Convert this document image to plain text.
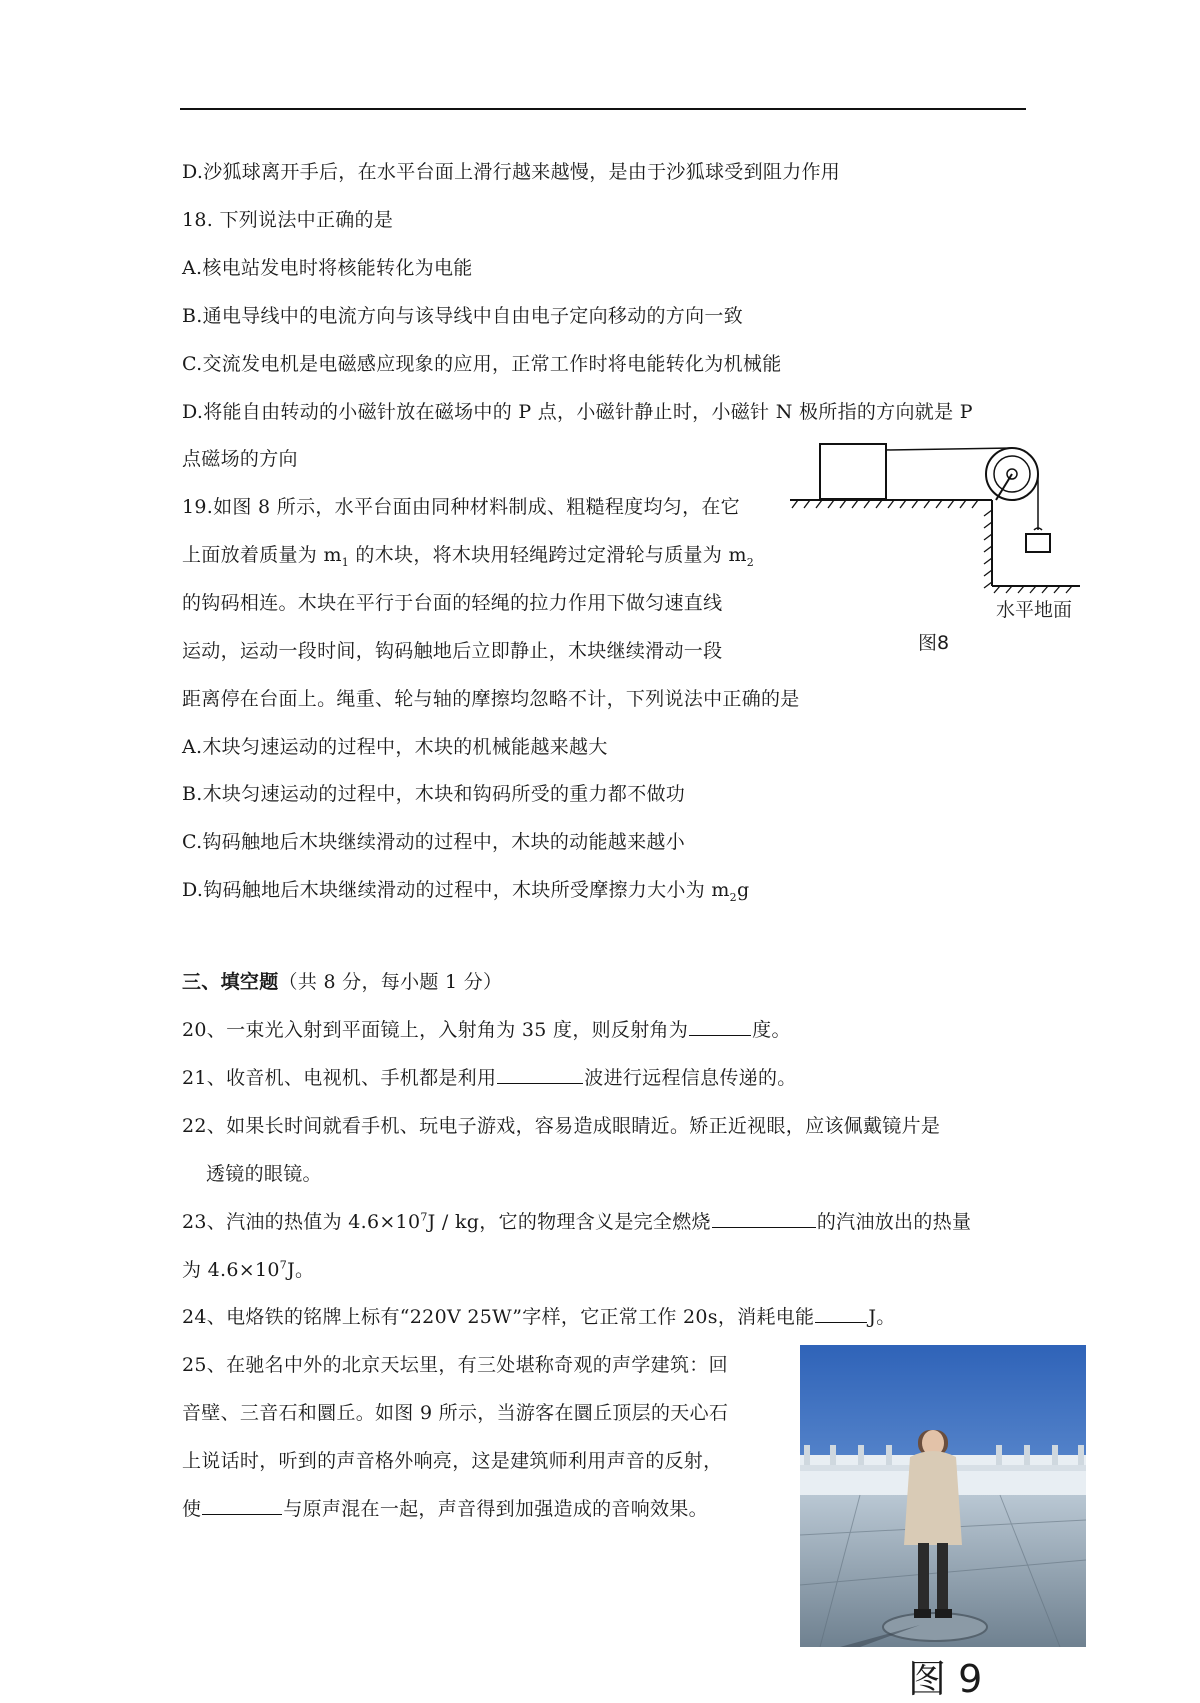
D.沙狐球离开手后，在水平台面上滑行越来越慢，是由于沙狐球受到阻力作用
18. 下列说法中正确的是
A.核电站发电时将核能转化为电能
B.通电导线中的电流方向与该导线中自由电子定向移动的方向一致
C.交流发电机是电磁感应现象的应用，正常工作时将电能转化为机械能
D.将能自由转动的小磁针放在磁场中的 P 点，小磁针静止时，小磁针 N 极所指的方向就是 P
点磁场的方向
19.如图 8 所示，水平台面由同种材料制成、粗糙程度均匀，在它
上面放着质量为 $m_1$ 的木块，将木块用轻绳跨过定滑轮与质量为 $m_2$
的钩码相连。木块在平行于台面的轻绳的拉力作用下做匀速直线
运动，运动一段时间，钩码触地后立即静止，木块继续滑动一段
距离停在台面上。绳重、轮与轴的摩擦均忽略不计，下列说法中正确的是
A.木块匀速运动的过程中，木块的机械能越来越大
B.木块匀速运动的过程中，木块和钩码所受的重力都不做功
C.钩码触地后木块继续滑动的过程中，木块的动能越来越小
D.钩码触地后木块继续滑动的过程中，木块所受摩擦力大小为 $m_2g$
水平地面
图8
三、填空题（共 8 分，每小题 1 分）
20、一束光入射到平面镜上，入射角为 35 度，则反射角为	度。
21、收音机、电视机、手机都是利用	波进行远程信息传递的。
22、如果长时间就看手机、玩电子游戏，容易造成眼睛近。矫正近视眼，应该佩戴镜片是
透镜的眼镜。
23、汽油的热值为 $4.6\times 10^7J$ / kg，它的物理含义是完全燃烧	的汽油放出的热量
为 $4.6\times 10^7J$。
24、电烙铁的铭牌上标有“220V 25W”字样，它正常工作 20s，消耗电能	J。
25、在驰名中外的北京天坛里，有三处堪称奇观的声学建筑：回
音壁、三音石和圜丘。如图 9 所示，当游客在圜丘顶层的天心石
上说话时，听到的声音格外响亮，这是建筑师利用声音的反射，
使	与原声混在一起，声音得到加强造成的音响效果。
图 9
